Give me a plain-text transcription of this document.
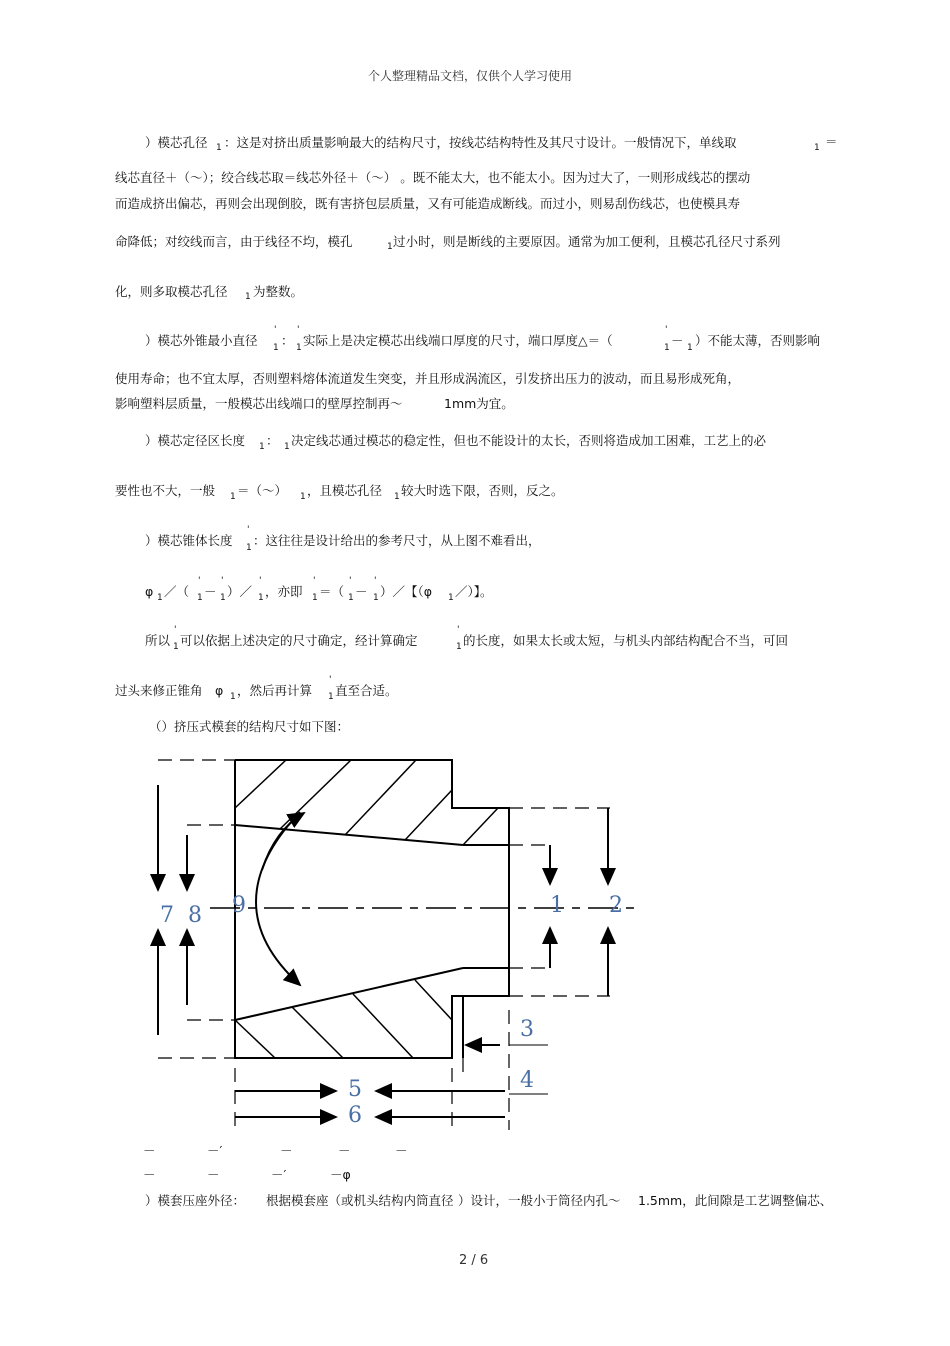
个人整理精品文档，仅供个人学习使用
）模芯孔径 1 ：这是对挤出质量影响最大的结构尺寸，按线芯结构特性及其尺寸设计。一般情况下，单线取	1 ＝
线芯直径＋（～）；绞合线芯取＝线芯外径＋（～） 。既不能太大，也不能太小。因为过大了，一则形成线芯的摆动
而造成挤出偏芯，再则会出现倒胶，既有害挤包层质量，又有可能造成断线。而过小，则易刮伤线芯，也使模具寿
命降低；对绞线而言，由于线径不均，模孔	1 过小时，则是断线的主要原因。通常为加工便利，且模芯孔径尺寸系列
化，则多取模芯孔径 1 为整数。
）模芯外锥最小直径
'
1 ：
'
1 实际上是决定模芯出线端口厚度的尺寸，端口厚度△＝（
'
1 － 1 ）不能太薄，否则影响
使用寿命；也不宜太厚，否则塑料熔体流道发生突变，并且形成涡流区，引发挤出压力的波动，而且易形成死角，
影响塑料层质量，一般模芯出线端口的壁厚控制再～	1mm为宜。
）模芯定径区长度 1 ： 1 决定线芯通过模芯的稳定性，但也不能设计的太长，否则将造成加工困难，工艺上的必
要性也不大，一般 1 ＝（～） 1 ，且模芯孔径 1 较大时选下限，否则，反之。
）模芯锥体长度
'
1 ：这往往是设计给出的参考尺寸，从上图不难看出，
φ 1 ／（
'
1 －
'
1 ）／
'
1 ，亦即
'
1 ＝（
'
1 －
'
1 ）／【（φ 1 ／）】。
所以
'
1 可以依据上述决定的尺寸确定，经计算确定
'
1 的长度，如果太长或太短，与机头内部结构配合不当，可回
过头来修正锥角 φ 1 ，然后再计算
'
1 直至合适。
（）挤压式模套的结构尺寸如下图：
7 8 9	1 2
3
4
5
6
－	－′	－	－	－
－	－	－′	－φ
）模套压座外径： 根据模套座（或机头结构内筒直径 ）设计，一般小于筒径内孔～ 1.5mm，此间隙是工艺调整偏芯、
2 / 6
